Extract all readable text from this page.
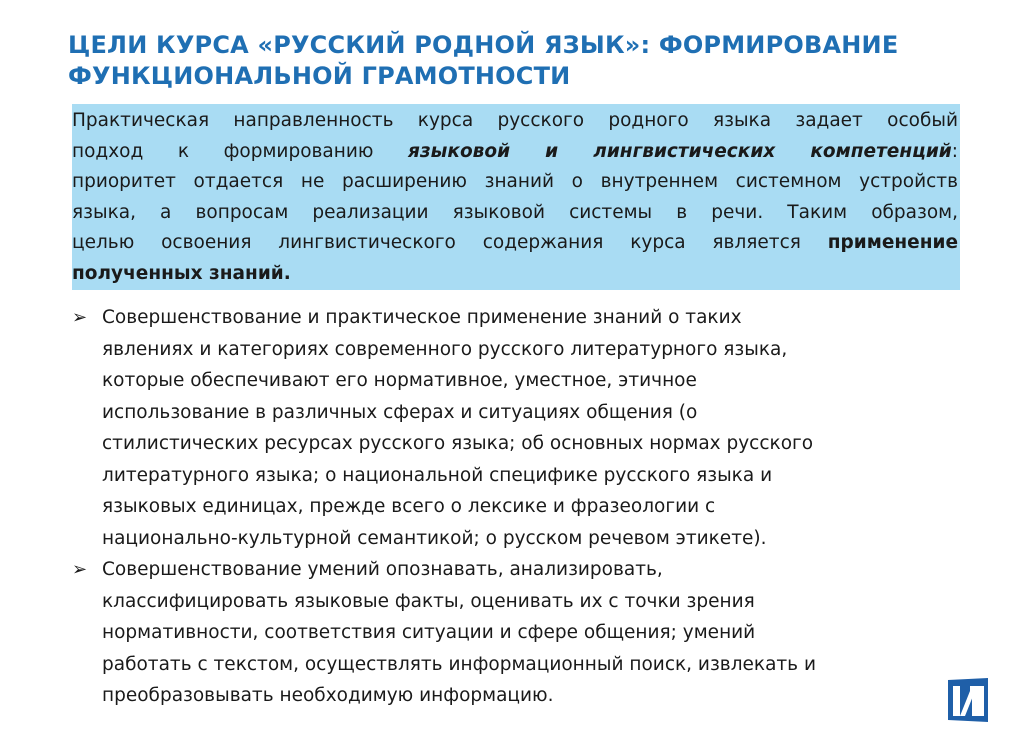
ЦЕЛИ КУРСА «РУССКИЙ РОДНОЙ ЯЗЫК»: ФОРМИРОВАНИЕ
ФУНКЦИОНАЛЬНОЙ ГРАМОТНОСТИ
Практическая направленность курса русского родного языка задает особый
подход к формированию языковой и лингвистических компетенций:
приоритет отдается не расширению знаний о внутреннем системном устройств
языка, а вопросам реализации языковой системы в речи. Таким образом,
целью освоения лингвистического содержания курса является применение
полученных знаний.
➢ Совершенствование и практическое применение знаний о таких
явлениях и категориях современного русского литературного языка,
которые обеспечивают его нормативное, уместное, этичное
использование в различных сферах и ситуациях общения (о
стилистических ресурсах русского языка; об основных нормах русского
литературного языка; о национальной специфике русского языка и
языковых единицах, прежде всего о лексике и фразеологии с
национально-культурной семантикой; о русском речевом этикете).
➢ Совершенствование умений опознавать, анализировать,
классифицировать языковые факты, оценивать их с точки зрения
нормативности, соответствия ситуации и сфере общения; умений
работать с текстом, осуществлять информационный поиск, извлекать и
преобразовывать необходимую информацию.
